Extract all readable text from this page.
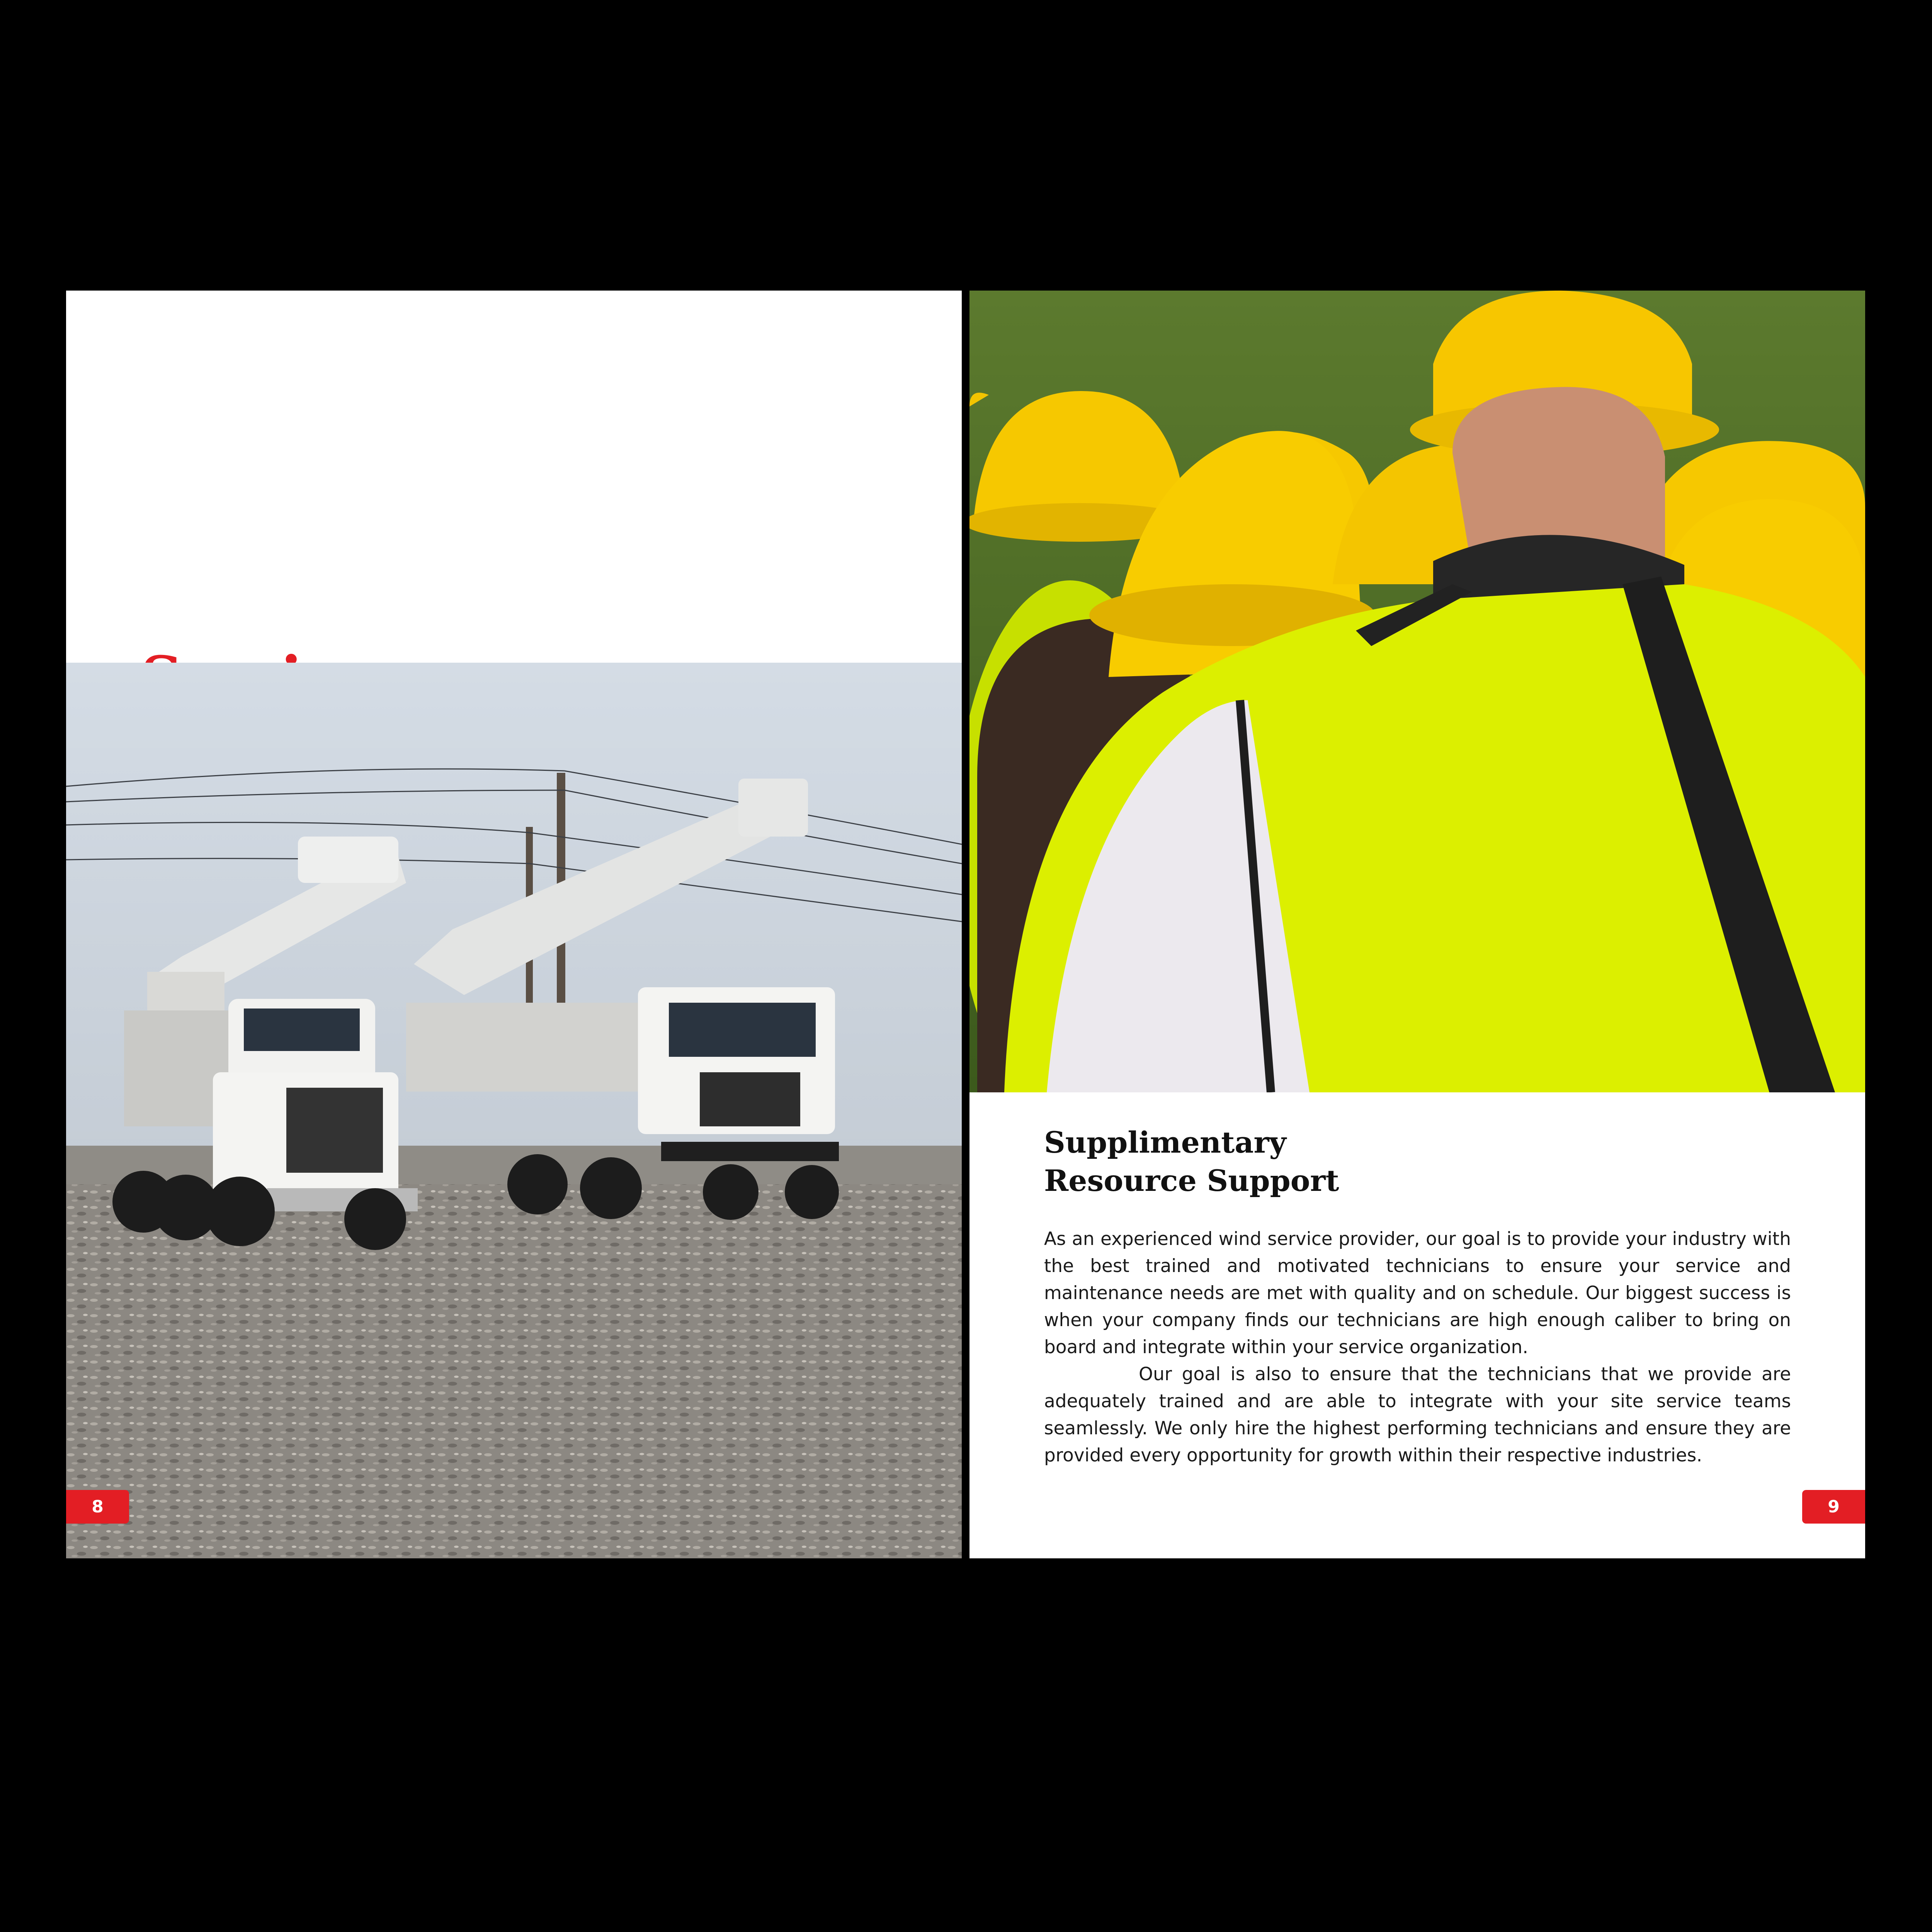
8
Supplimentary
Resource Support

As an experienced wind service provider, our goal is to provide your industry with the best trained and motivated technicians to ensure your service and maintenance needs are met with quality and on schedule. Our biggest success is when your company finds our technicians are high enough caliber to bring on board and integrate within your service organization.

Our goal is also to ensure that the technicians that we provide are adequately trained and are able to integrate with your site service teams seamlessly. We only hire the highest performing technicians and ensure they are provided every opportunity for growth within their respective industries.

9
